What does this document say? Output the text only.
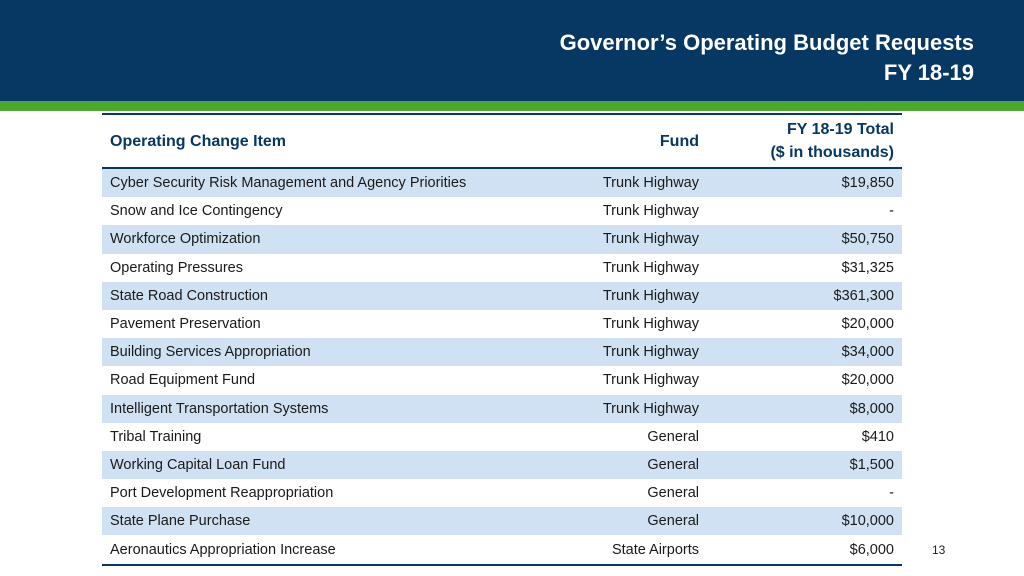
Governor’s Operating Budget Requests
FY 18-19
Operating Change Item	Fund	FY 18-19 Total
($ in thousands)

Cyber Security Risk Management and Agency Priorities	Trunk Highway	$19,850
Snow and Ice Contingency	Trunk Highway	-
Workforce Optimization	Trunk Highway	$50,750
Operating Pressures	Trunk Highway	$31,325
State Road Construction	Trunk Highway	$361,300
Pavement Preservation	Trunk Highway	$20,000
Building Services Appropriation	Trunk Highway	$34,000
Road Equipment Fund	Trunk Highway	$20,000
Intelligent Transportation Systems	Trunk Highway	$8,000
Tribal Training	General	$410
Working Capital Loan Fund	General	$1,500
Port Development Reappropriation	General	-
State Plane Purchase	General	$10,000
Aeronautics Appropriation Increase	State Airports	$6,000	13
